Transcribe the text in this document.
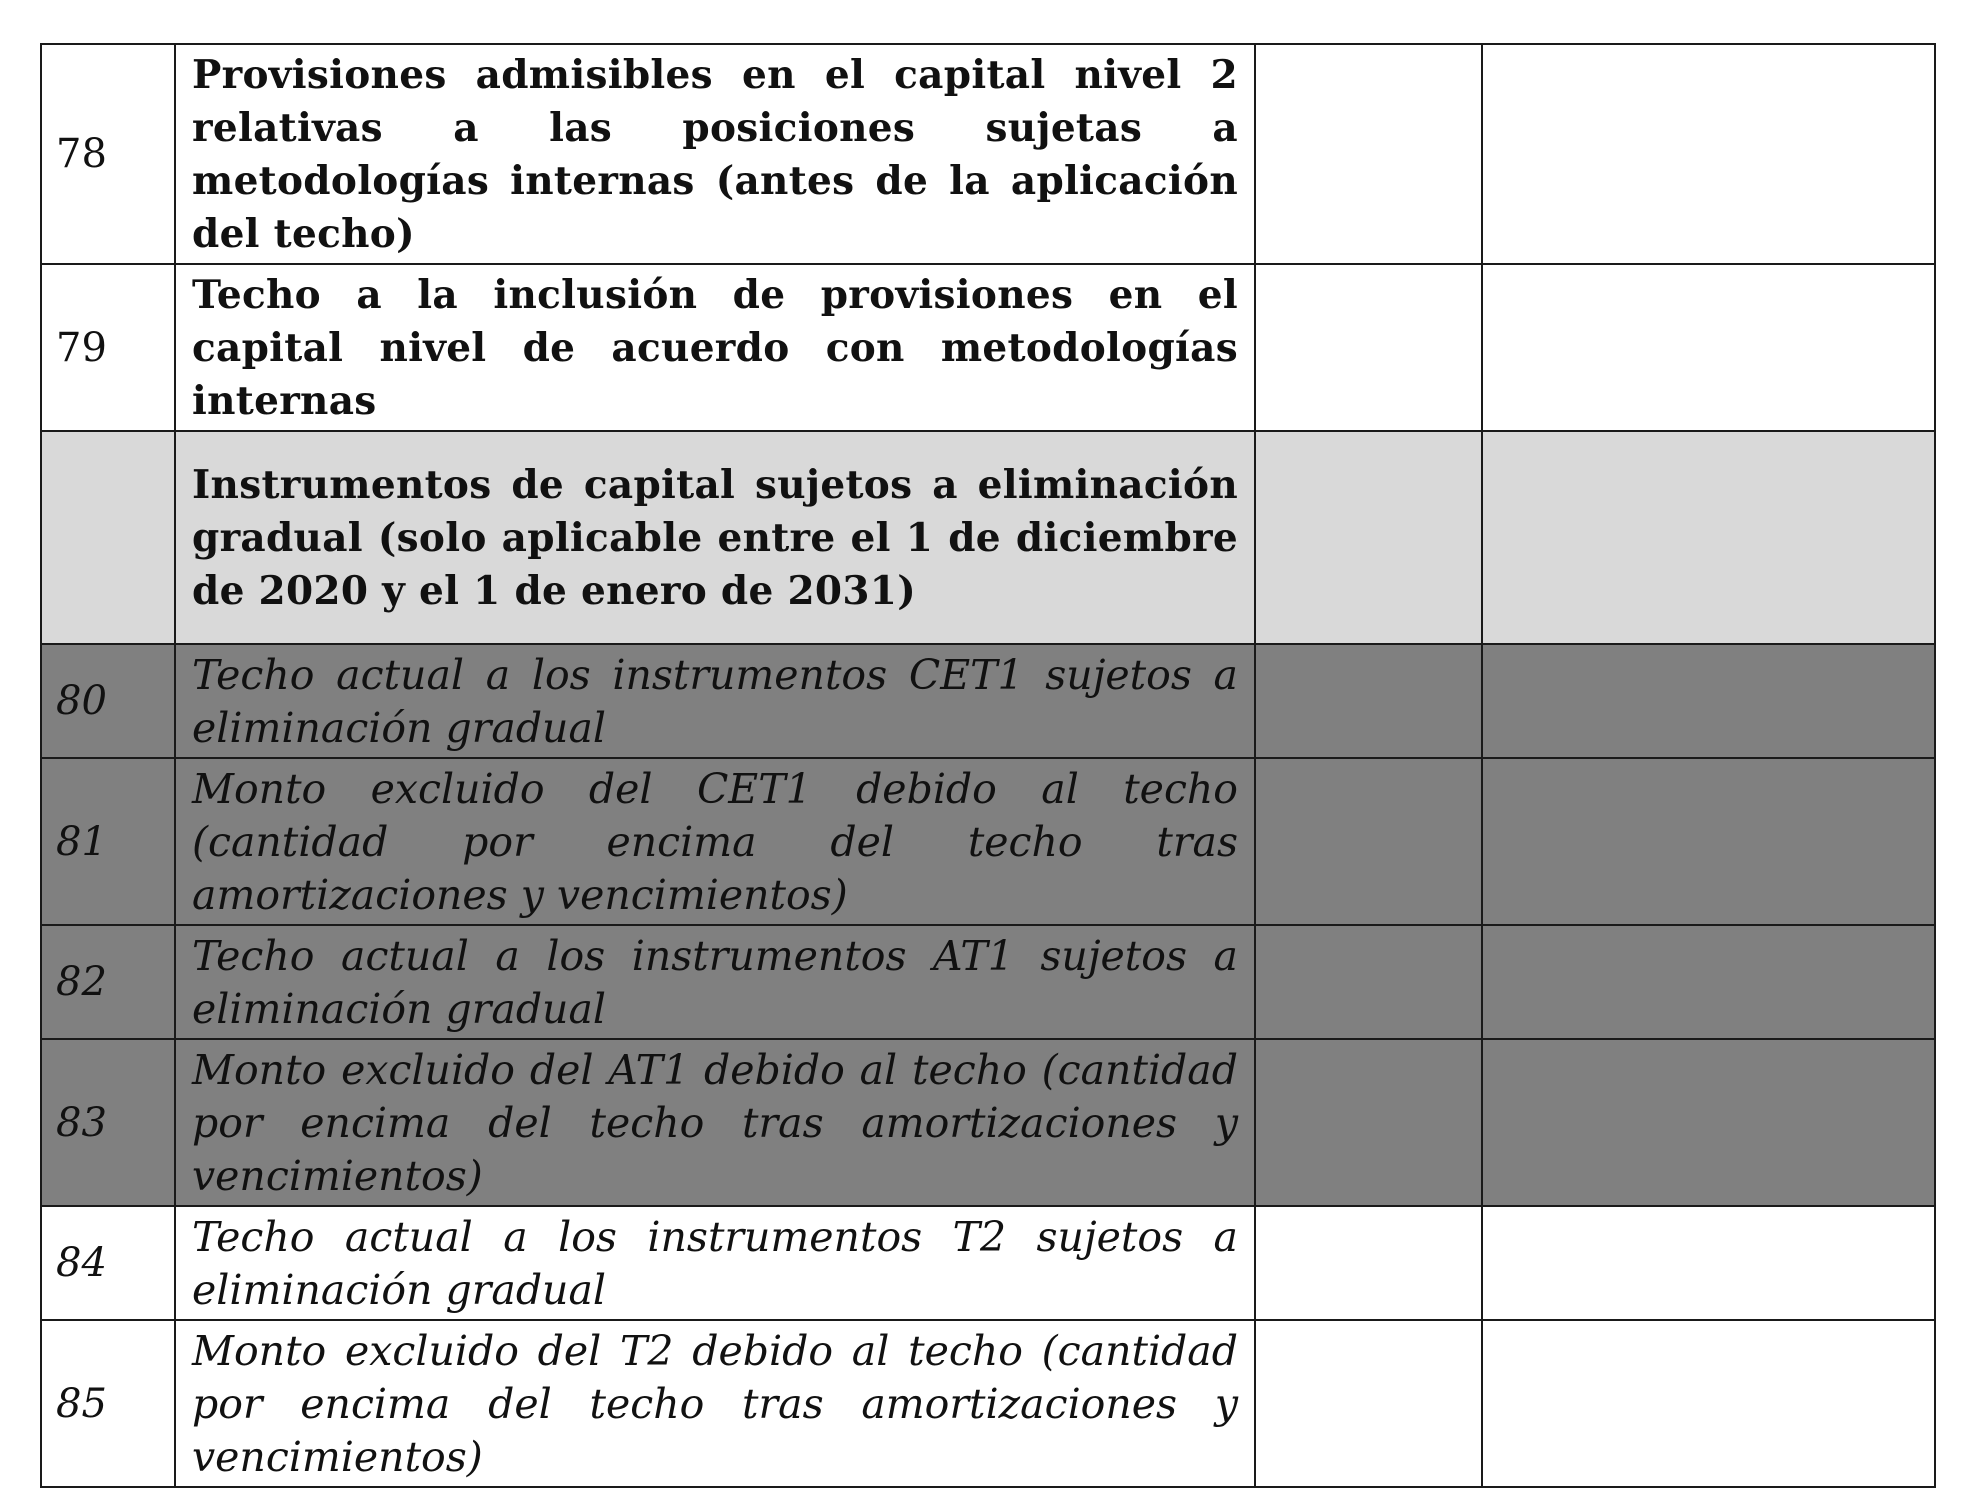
78	Provisiones admisibles en el capital nivel 2 relativas a las posiciones sujetas a metodologías internas (antes de la aplicación del techo)		
79	Techo a la inclusión de provisiones en el capital nivel de acuerdo con metodologías internas		
	Instrumentos de capital sujetos a eliminación gradual (solo aplicable entre el 1 de diciembre de 2020 y el 1 de enero de 2031)		
80	Techo actual a los instrumentos CET1 sujetos a eliminación gradual		
81	Monto excluido del CET1 debido al techo (cantidad por encima del techo tras amortizaciones y vencimientos)		
82	Techo actual a los instrumentos AT1 sujetos a eliminación gradual		
83	Monto excluido del AT1 debido al techo (cantidad por encima del techo tras amortizaciones y vencimientos)		
84	Techo actual a los instrumentos T2 sujetos a eliminación gradual		
85	Monto excluido del T2 debido al techo (cantidad por encima del techo tras amortizaciones y vencimientos)		
